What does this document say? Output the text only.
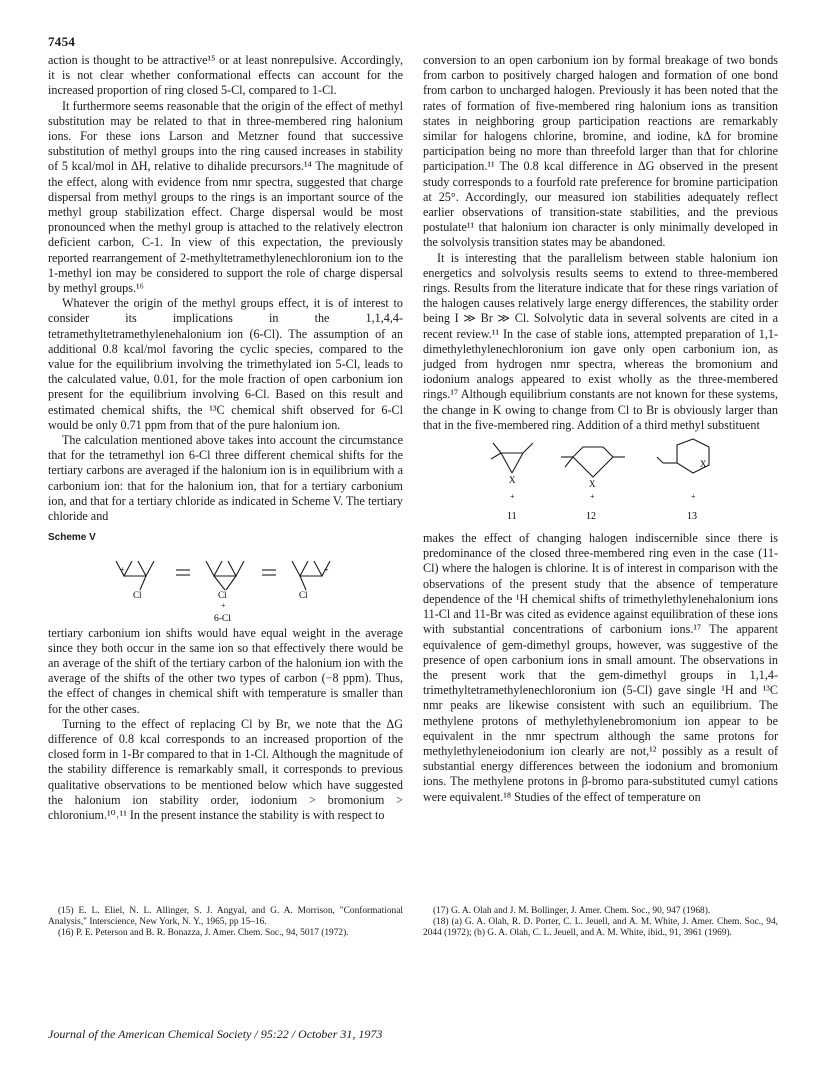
7454

action is thought to be attractive¹⁵ or at least nonrepulsive. Accordingly, it is not clear whether conformational effects can account for the increased proportion of ring closed 5-Cl, compared to 1-Cl.

It furthermore seems reasonable that the origin of the effect of methyl substitution may be related to that in three-membered ring halonium ions. For these ions Larson and Metzner found that successive substitution of methyl groups into the ring caused increases in stability of 5 kcal/mol in ΔH, relative to dihalide precursors.¹⁴ The magnitude of the effect, along with evidence from nmr spectra, suggested that charge dispersal from methyl groups to the rings is an important source of the methyl group stabilization effect. Charge dispersal would be most pronounced when the methyl group is attached to the relatively electron deficient carbon, C-1. In view of this expectation, the previously reported rearrangement of 2-methyltetramethylenechloronium ion to the 1-methyl ion may be considered to support the role of charge dispersal by methyl groups.¹⁶

Whatever the origin of the methyl groups effect, it is of interest to consider its implications in the 1,1,4,4-tetramethyltetramethylenehalonium ion (6-Cl). The assumption of an additional 0.8 kcal/mol favoring the cyclic species, compared to the value for the equilibrium involving the trimethylated ion 5-Cl, leads to the calculated value, 0.01, for the mole fraction of open carbonium ion present for the equilibrium involving 6-Cl. Based on this result and estimated chemical shifts, the ¹³C chemical shift observed for 6-Cl would be only 0.71 ppm from that of the pure halonium ion.

The calculation mentioned above takes into account the circumstance that for the tetramethyl ion 6-Cl three different chemical shifts for the tertiary carbons are averaged if the halonium ion is in equilibrium with a carbonium ion: that for the halonium ion, that for a tertiary carbonium ion, and that for a tertiary chloride as indicated in Scheme V. The tertiary chloride and

Scheme V
+
Cl	Cl
+
Cl
+
6-Cl

tertiary carbonium ion shifts would have equal weight in the average since they both occur in the same ion so that effectively there would be an average of the shift of the tertiary carbon of the halonium ion with the average of the shifts of the other two types of carbon (−8 ppm). Thus, the effect of changes in chemical shift with temperature is smaller than for the other cases.

Turning to the effect of replacing Cl by Br, we note that the ΔG difference of 0.8 kcal corresponds to an increased proportion of the closed form in 1-Br compared to that in 1-Cl. Although the magnitude of the stability difference is remarkably small, it corresponds to previous qualitative observations to be mentioned below which have suggested the halonium ion stability order, iodonium > bromonium > chloronium.¹⁰˒¹¹ In the present instance the stability is with respect to

conversion to an open carbonium ion by formal breakage of two bonds from carbon to positively charged halogen and formation of one bond from carbon to uncharged halogen. Previously it has been noted that the rates of formation of five-membered ring halonium ions as transition states in neighboring group participation reactions are remarkably similar for halogens chlorine, bromine, and iodine, kΔ for bromine participation being no more than threefold larger than that for chlorine participation.¹¹ The 0.8 kcal difference in ΔG observed in the present study corresponds to a fourfold rate preference for bromine participation at 25°. Accordingly, our measured ion stabilities adequately reflect earlier observations of transition-state stabilities, and the previous postulate¹¹ that halonium ion character is only minimally developed in the solvolysis transition states may be abandoned.

It is interesting that the parallelism between stable halonium ion energetics and solvolysis results seems to extend to three-membered rings. Results from the literature indicate that for these rings variation of the halogen causes relatively large energy differences, the stability order being I ≫ Br ≫ Cl. Solvolytic data in several solvents are cited in a recent review.¹¹ In the case of stable ions, attempted preparation of 1,1-dimethylethylenechloronium ion gave only open carbonium ion, as judged from hydrogen nmr spectra, whereas the bromonium and iodonium analogs appeared to exist wholly as the three-membered rings.¹⁷ Although equilibrium constants are not known for these systems, the change in K owing to change from Cl to Br is obviously larger than that in the five-membered ring. Addition of a third methyl substituent

X	X
X
+	+	+
11	12	13

makes the effect of changing halogen indiscernible since there is predominance of the closed three-membered ring even in the case (11-Cl) where the halogen is chlorine. It is of interest in comparison with the observations of the present study that the absence of temperature dependence of the ¹H chemical shifts of trimethylethylenehalonium ions 11-Cl and 11-Br was cited as evidence against equilibration of these ions with substantial concentrations of carbonium ions.¹⁷ The apparent equivalence of gem-dimethyl groups, however, was suggestive of the presence of open carbonium ions in small amount. The observations in the present work that the gem-dimethyl groups in 1,1,4-trimethyltetramethylenechloronium ion (5-Cl) gave single ¹H and ¹³C nmr peaks are likewise consistent with such an equilibrium. The methylene protons of methylethylenebromonium ion appear to be equivalent in the nmr spectrum although the same protons for methylethyleneiodonium ion clearly are not,¹² possibly as a result of substantial energy differences between the iodonium and bromonium ions. The methylene protons in β-bromo para-substituted cumyl cations were equivalent.¹⁸ Studies of the effect of temperature on

(15) E. L. Eliel, N. L. Allinger, S. J. Angyal, and G. A. Morrison, "Conformational Analysis," Interscience, New York, N. Y., 1965, pp 15–16.

(16) P. E. Peterson and B. R. Bonazza, J. Amer. Chem. Soc., 94, 5017 (1972).

(17) G. A. Olah and J. M. Bollinger, J. Amer. Chem. Soc., 90, 947 (1968).

(18) (a) G. A. Olah, R. D. Porter, C. L. Jeuell, and A. M. White, J. Amer. Chem. Soc., 94, 2044 (1972); (b) G. A. Olah, C. L. Jeuell, and A. M. White, ibid., 91, 3961 (1969).

Journal of the American Chemical Society / 95:22 / October 31, 1973
